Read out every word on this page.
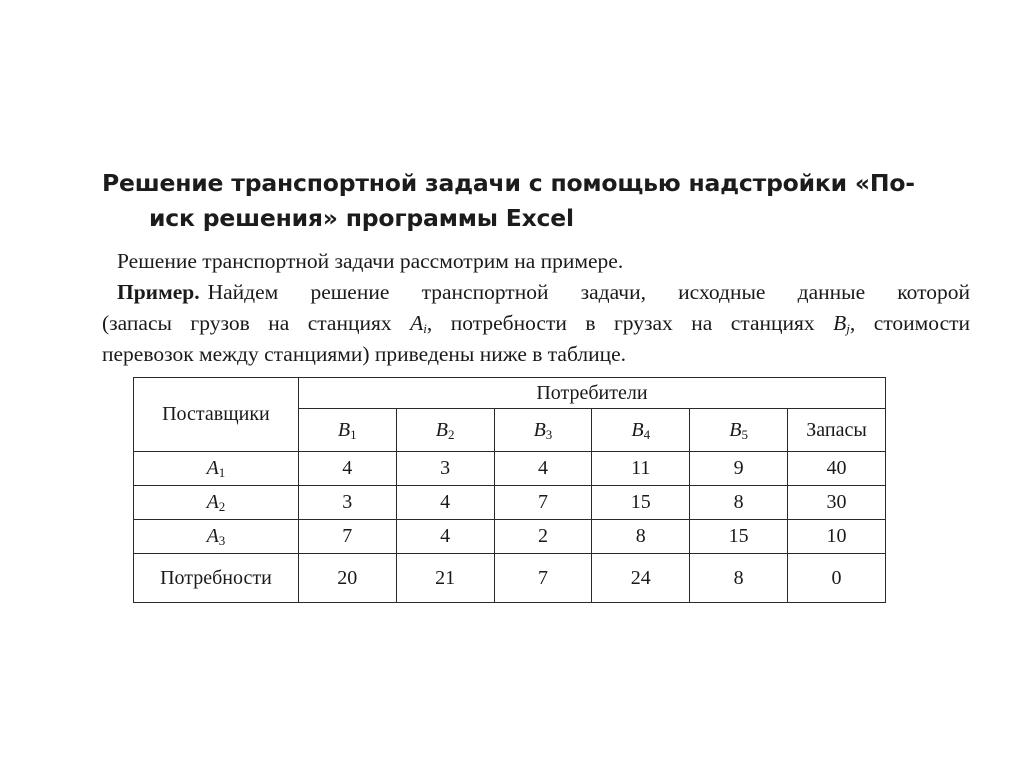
Решение транспортной задачи с помощью надстройки «По-
иск решения» программы Excel
Решение транспортной задачи рассмотрим на примере.
Пример. Найдем решение транспортной задачи, исходные данные которой
(запасы грузов на станциях $A_i$, потребности в грузах на станциях $B_j$, стоимости
перевозок между станциями) приведены ниже в таблице.
Поставщики	Потребители					
	$B_1$	$B_2$	$B_3$	$B_4$	$B_5$	Запасы
$A_1$	4	3	4	11	9	40
$A_2$	3	4	7	15	8	30
$A_3$	7	4	2	8	15	10
Потребности	20	21	7	24	8	0
